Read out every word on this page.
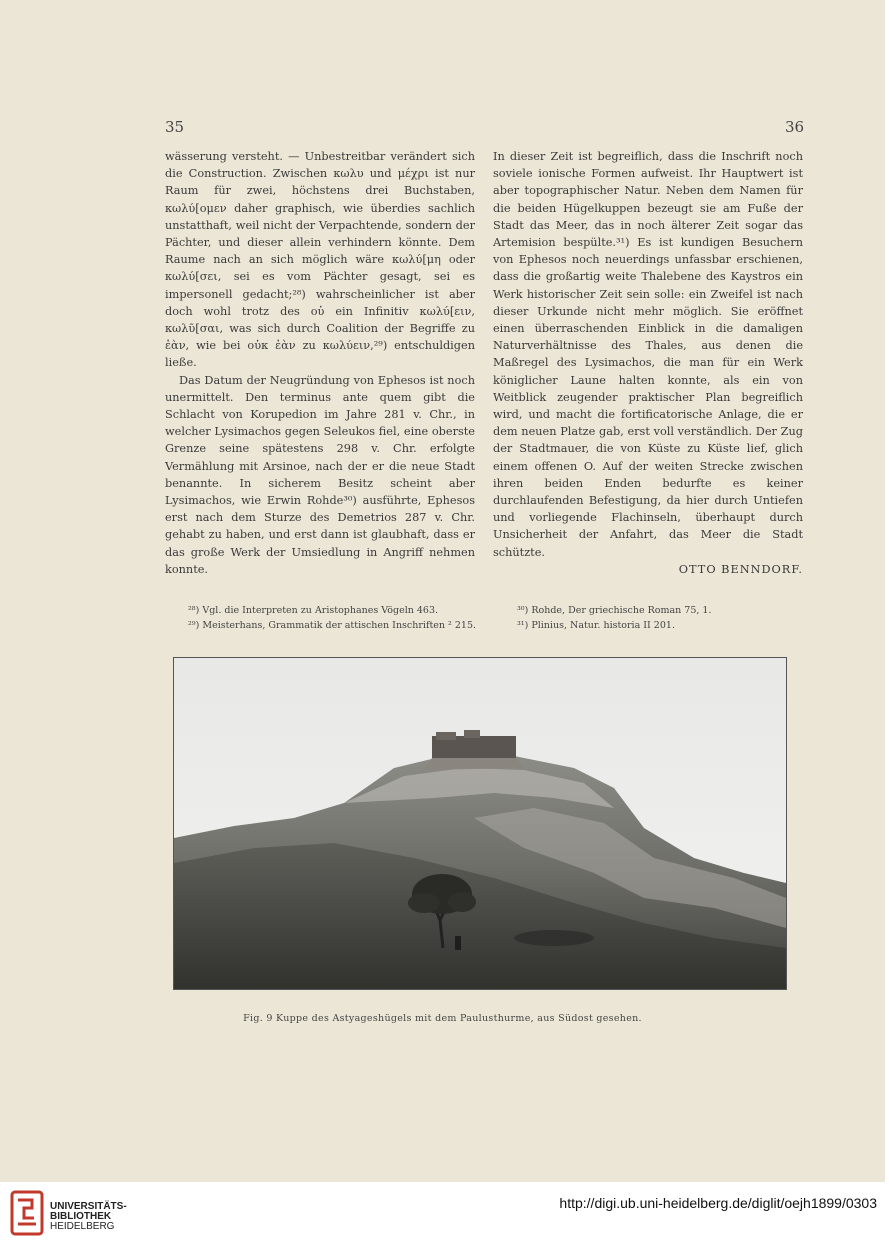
35	36

wässerung versteht. — Unbestreitbar verändert sich die Construction. Zwischen κωλυ und μέχρι ist nur Raum für zwei, höchstens drei Buchstaben, κωλύ[ομεν daher graphisch, wie überdies sachlich unstatthaft, weil nicht der Verpachtende, sondern der Pächter, und dieser allein verhindern könnte. Dem Raume nach an sich möglich wäre κωλύ[μη oder κωλύ[σει, sei es vom Pächter gesagt, sei es impersonell gedacht;²⁸) wahrscheinlicher ist aber doch wohl trotz des οὐ ein Infinitiv κωλύ[ειν, κωλῦ[σαι, was sich durch Coalition der Begriffe zu ἐὰν, wie bei οὐκ ἐὰν zu κωλύειν,²⁹) entschuldigen ließe.

Das Datum der Neugründung von Ephesos ist noch unermittelt. Den terminus ante quem gibt die Schlacht von Korupedion im Jahre 281 v. Chr., in welcher Lysimachos gegen Seleukos fiel, eine oberste Grenze seine spätestens 298 v. Chr. erfolgte Vermählung mit Arsinoe, nach der er die neue Stadt benannte. In sicherem Besitz scheint aber Lysimachos, wie Erwin Rohde³⁰) ausführte, Ephesos erst nach dem Sturze des Demetrios 287 v. Chr. gehabt zu haben, und erst dann ist glaubhaft, dass er das große Werk der Umsiedlung in Angriff nehmen konnte.

In dieser Zeit ist begreiflich, dass die Inschrift noch soviele ionische Formen aufweist. Ihr Hauptwert ist aber topographischer Natur. Neben dem Namen für die beiden Hügelkuppen bezeugt sie am Fuße der Stadt das Meer, das in noch älterer Zeit sogar das Artemision bespülte.³¹) Es ist kundigen Besuchern von Ephesos noch neuerdings unfassbar erschienen, dass die großartig weite Thalebene des Kaystros ein Werk historischer Zeit sein solle: ein Zweifel ist nach dieser Urkunde nicht mehr möglich. Sie eröffnet einen überraschenden Einblick in die damaligen Naturverhältnisse des Thales, aus denen die Maßregel des Lysimachos, die man für ein Werk königlicher Laune halten konnte, als ein von Weitblick zeugender praktischer Plan begreiflich wird, und macht die fortificatorische Anlage, die er dem neuen Platze gab, erst voll verständlich. Der Zug der Stadtmauer, die von Küste zu Küste lief, glich einem offenen O. Auf der weiten Strecke zwischen ihren beiden Enden bedurfte es keiner durchlaufenden Befestigung, da hier durch Untiefen und vorliegende Flachinseln, überhaupt durch Unsicherheit der Anfahrt, das Meer die Stadt schützte.

OTTO BENNDORF.

²⁸) Vgl. die Interpreten zu Aristophanes Vögeln 463.
²⁹) Meisterhans, Grammatik der attischen Inschriften ² 215.
³⁰) Rohde, Der griechische Roman 75, 1.
³¹) Plinius, Natur. historia II 201.
Fig. 9 Kuppe des Astyageshügels mit dem Paulusthurme, aus Südost gesehen.
UNIVERSITÄTS-
BIBLIOTHEK
HEIDELBERG
http://digi.ub.uni-heidelberg.de/diglit/oejh1899/0303
